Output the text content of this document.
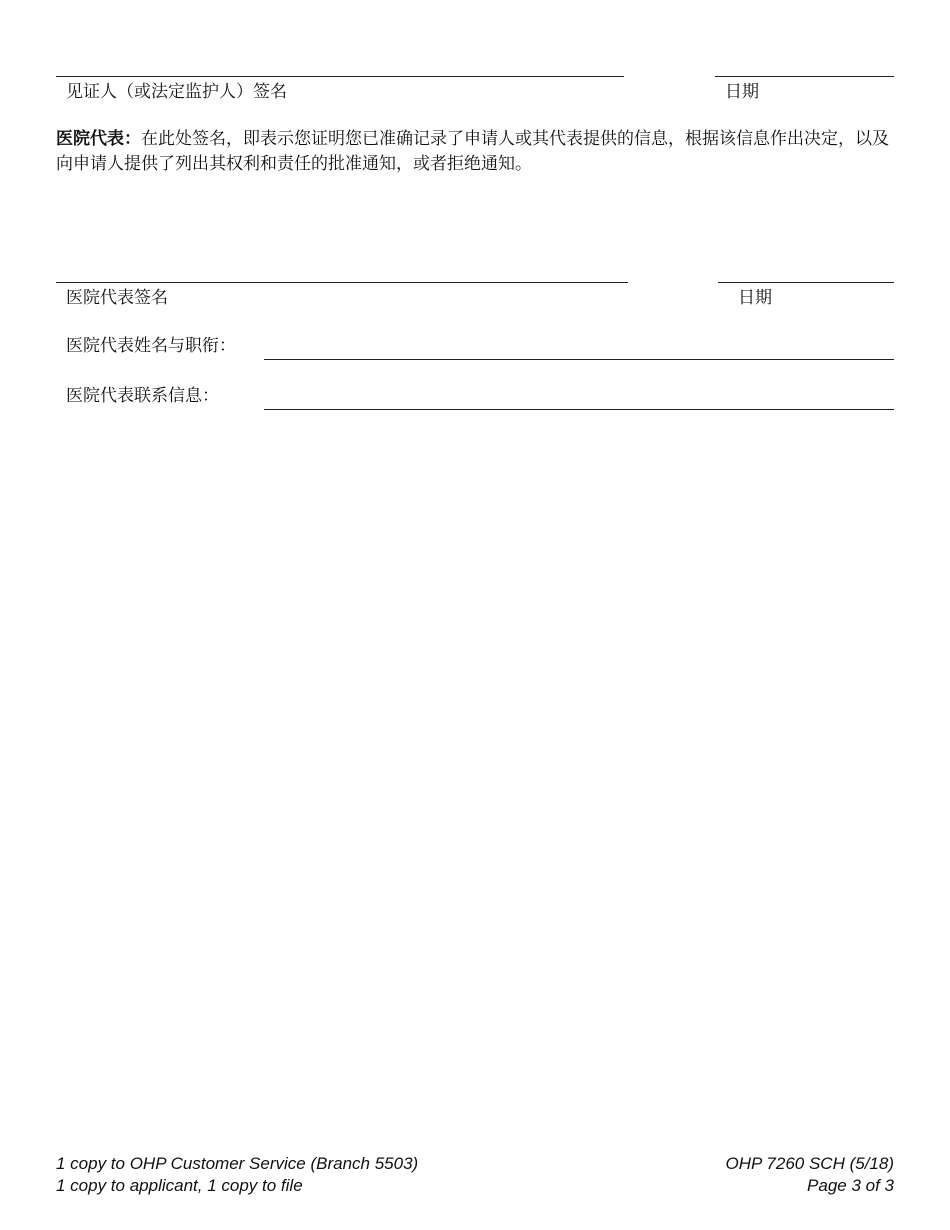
见证人（或法定监护人）签名	日期
医院代表：在此处签名，即表示您证明您已准确记录了申请人或其代表提供的信息，根据该信息作出决定，以及向申请人提供了列出其权利和责任的批准通知，或者拒绝通知。
医院代表签名	日期
医院代表姓名与职衔：
医院代表联系信息：
1 copy to OHP Customer Service (Branch 5503)
1 copy to applicant, 1 copy to file
OHP 7260 SCH (5/18)
Page 3 of 3
